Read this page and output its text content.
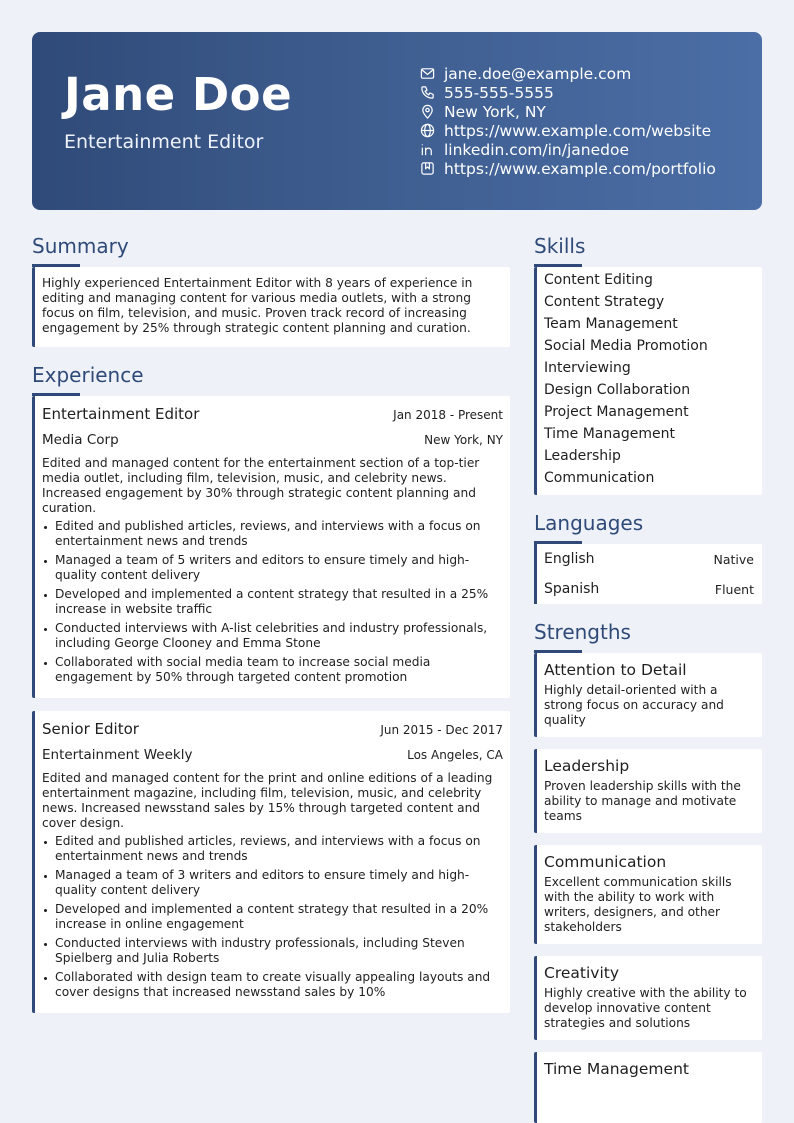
Jane Doe
Entertainment Editor
jane.doe@example.com
555-555-5555
New York, NY
https://www.example.com/website
linkedin.com/in/janedoe
https://www.example.com/portfolio
Summary
Highly experienced Entertainment Editor with 8 years of experience in editing and managing content for various media outlets, with a strong focus on film, television, and music. Proven track record of increasing engagement by 25% through strategic content planning and curation.
Experience
Entertainment Editor	Jan 2018 - Present
Media Corp	New York, NY
Edited and managed content for the entertainment section of a top-tier media outlet, including film, television, music, and celebrity news. Increased engagement by 30% through strategic content planning and curation.
Edited and published articles, reviews, and interviews with a focus on entertainment news and trends
Managed a team of 5 writers and editors to ensure timely and high-quality content delivery
Developed and implemented a content strategy that resulted in a 25% increase in website traffic
Conducted interviews with A-list celebrities and industry professionals, including George Clooney and Emma Stone
Collaborated with social media team to increase social media engagement by 50% through targeted content promotion
Senior Editor	Jun 2015 - Dec 2017
Entertainment Weekly	Los Angeles, CA
Edited and managed content for the print and online editions of a leading entertainment magazine, including film, television, music, and celebrity news. Increased newsstand sales by 15% through targeted content and cover design.
Edited and published articles, reviews, and interviews with a focus on entertainment news and trends
Managed a team of 3 writers and editors to ensure timely and high-quality content delivery
Developed and implemented a content strategy that resulted in a 20% increase in online engagement
Conducted interviews with industry professionals, including Steven Spielberg and Julia Roberts
Collaborated with design team to create visually appealing layouts and cover designs that increased newsstand sales by 10%
Skills
Content Editing
Content Strategy
Team Management
Social Media Promotion
Interviewing
Design Collaboration
Project Management
Time Management
Leadership
Communication
Languages
English	Native
Spanish	Fluent
Strengths
Attention to Detail
Highly detail-oriented with a strong focus on accuracy and quality
Leadership
Proven leadership skills with the ability to manage and motivate teams
Communication
Excellent communication skills with the ability to work with writers, designers, and other stakeholders
Creativity
Highly creative with the ability to develop innovative content strategies and solutions
Time Management
